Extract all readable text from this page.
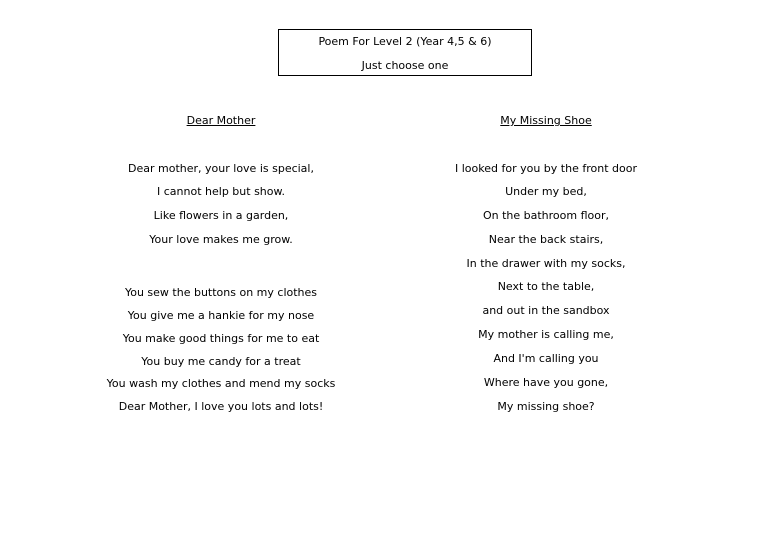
Poem For Level 2 (Year 4,5 & 6)
Just choose one
Dear Mother
Dear mother, your love is special,
I cannot help but show.
Like flowers in a garden,
Your love makes me grow.
You sew the buttons on my clothes
You give me a hankie for my nose
You make good things for me to eat
You buy me candy for a treat
You wash my clothes and mend my socks
Dear Mother, I love you lots and lots!
My Missing Shoe
I looked for you by the front door
Under my bed,
On the bathroom floor,
Near the back stairs,
In the drawer with my socks,
Next to the table,
and out in the sandbox
My mother is calling me,
And I'm calling you
Where have you gone,
My missing shoe?
